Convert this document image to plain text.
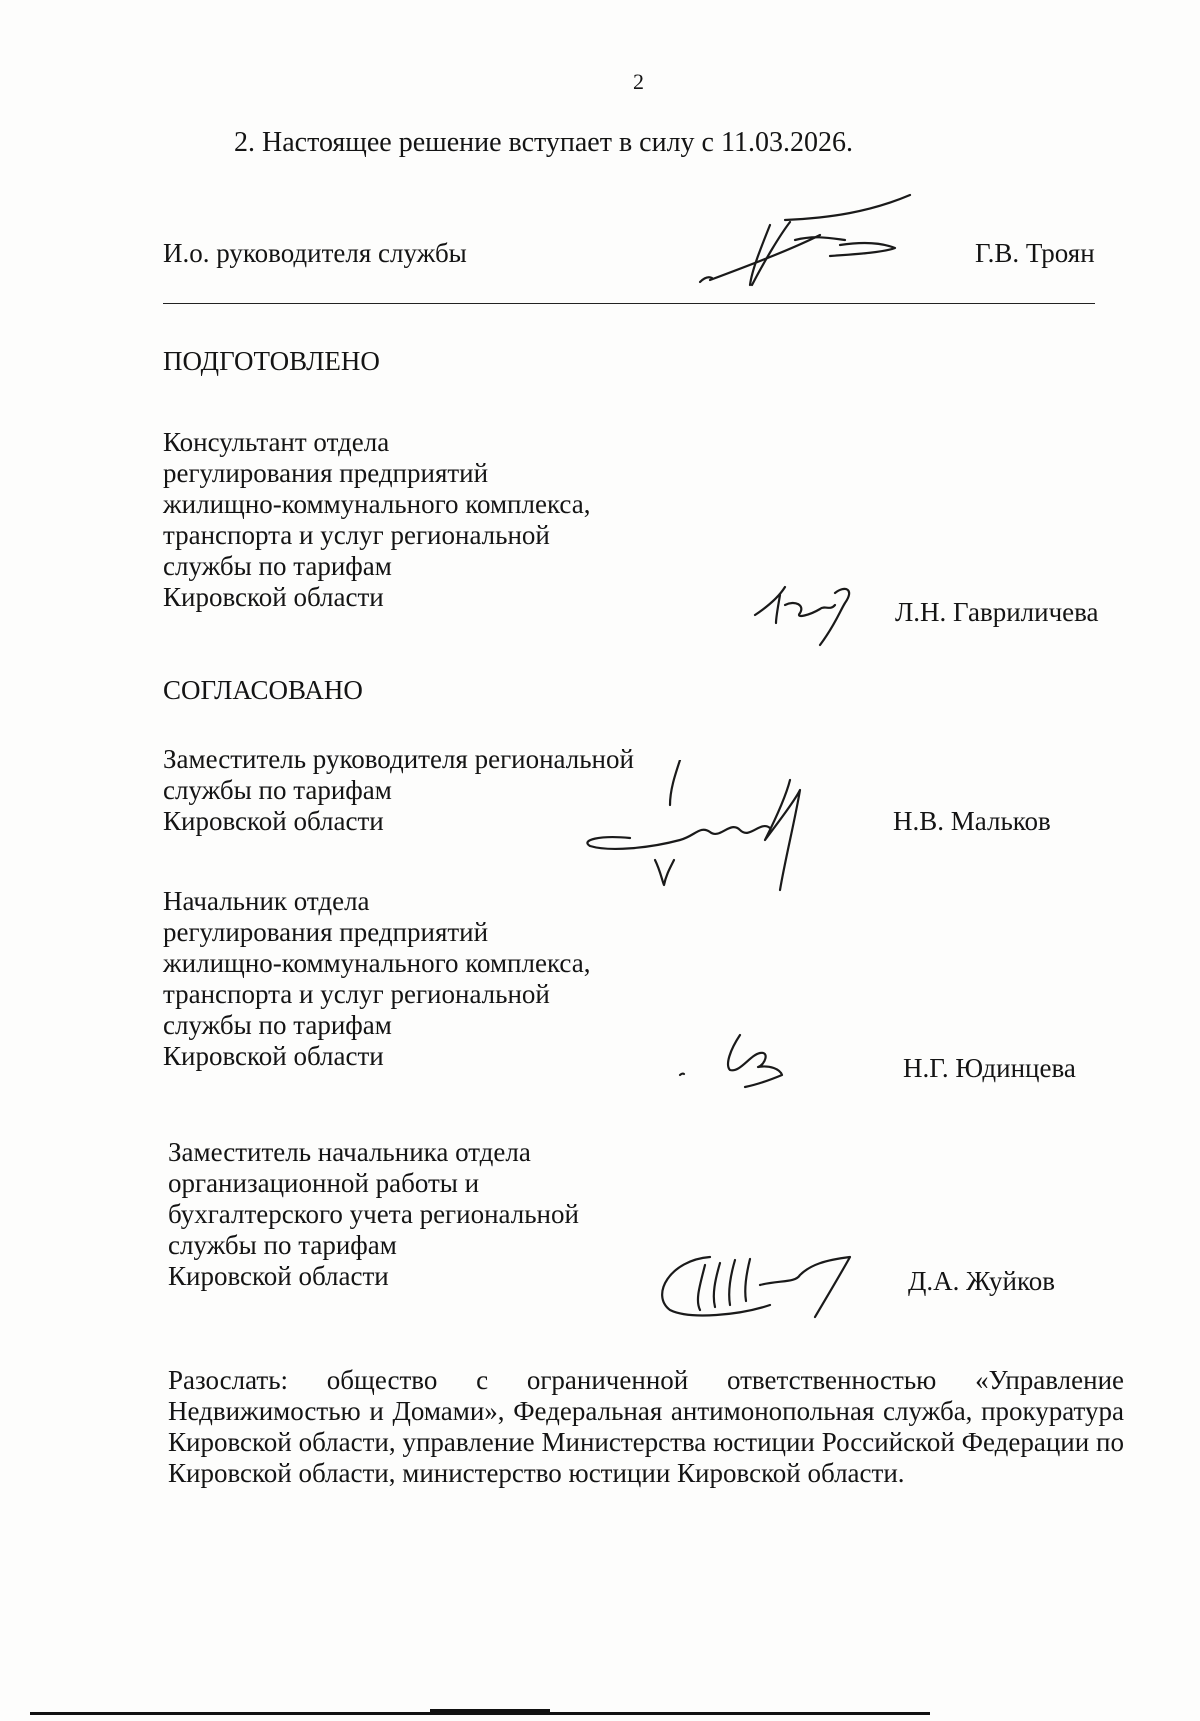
2
2. Настоящее решение вступает в силу с 11.03.2026.
И.о. руководителя службы	Г.В. Троян
ПОДГОТОВЛЕНО
Консультант отдела
регулирования предприятий
жилищно-коммунального комплекса,
транспорта и услуг региональной
службы по тарифам
Кировской области	Л.Н. Гавриличева
СОГЛАСОВАНО
Заместитель руководителя региональной
службы по тарифам
Кировской области	Н.В. Мальков
Начальник отдела
регулирования предприятий
жилищно-коммунального комплекса,
транспорта и услуг региональной
службы по тарифам
Кировской области	Н.Г. Юдинцева
Заместитель начальника отдела
организационной работы и
бухгалтерского учета региональной
службы по тарифам
Кировской области	Д.А. Жуйков
Разослать: общество с ограниченной ответственностью «Управление Недвижимостью и Домами», Федеральная антимонопольная служба, прокуратура Кировской области, управление Министерства юстиции Российской Федерации по Кировской области, министерство юстиции Кировской области.
